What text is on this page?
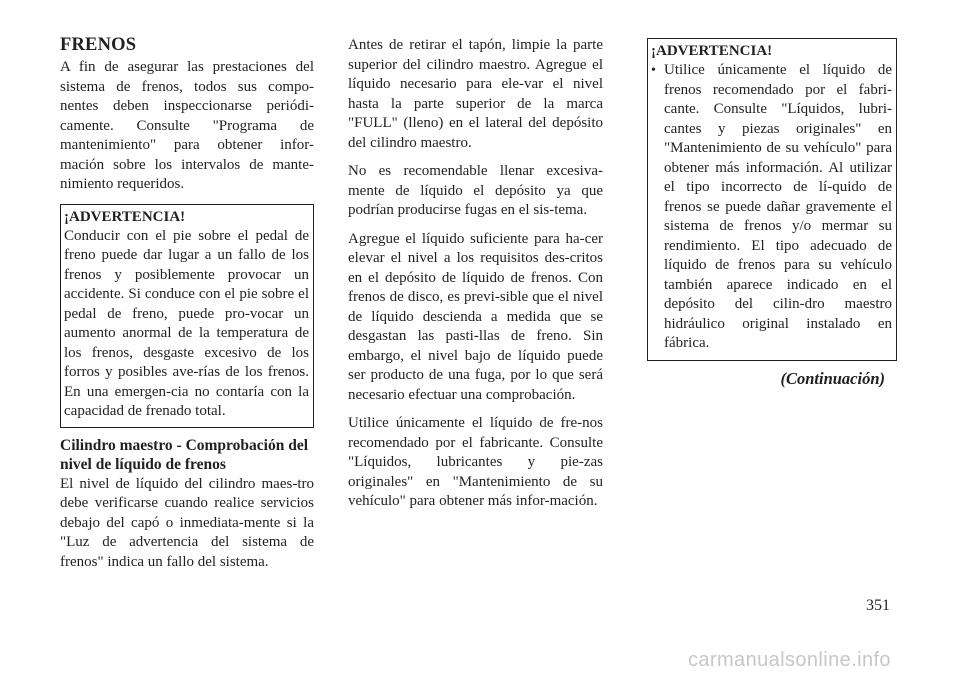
FRENOS

A fin de asegurar las prestaciones del sistema de frenos, todos sus compo-nentes deben inspeccionarse periódi-camente. Consulte "Programa de mantenimiento" para obtener infor-mación sobre los intervalos de mante-nimiento requeridos.

¡ADVERTENCIA!

Conducir con el pie sobre el pedal de freno puede dar lugar a un fallo de los frenos y posiblemente provocar un accidente. Si conduce con el pie sobre el pedal de freno, puede pro-vocar un aumento anormal de la temperatura de los frenos, desgaste excesivo de los forros y posibles ave-rías de los frenos. En una emergen-cia no contaría con la capacidad de frenado total.

Cilindro maestro - Comprobación del nivel de líquido de frenos

El nivel de líquido del cilindro maes-tro debe verificarse cuando realice servicios debajo del capó o inmediata-mente si la "Luz de advertencia del sistema de frenos" indica un fallo del sistema.

Antes de retirar el tapón, limpie la parte superior del cilindro maestro. Agregue el líquido necesario para ele-var el nivel hasta la parte superior de la marca "FULL" (lleno) en el lateral del depósito del cilindro maestro.

No es recomendable llenar excesiva-mente de líquido el depósito ya que podrían producirse fugas en el sis-tema.

Agregue el líquido suficiente para ha-cer elevar el nivel a los requisitos des-critos en el depósito de líquido de frenos. Con frenos de disco, es previ-sible que el nivel de líquido descienda a medida que se desgastan las pasti-llas de freno. Sin embargo, el nivel bajo de líquido puede ser producto de una fuga, por lo que será necesario efectuar una comprobación.

Utilice únicamente el líquido de fre-nos recomendado por el fabricante. Consulte "Líquidos, lubricantes y pie-zas originales" en "Mantenimiento de su vehículo" para obtener más infor-mación.

¡ADVERTENCIA!
• Utilice únicamente el líquido de frenos recomendado por el fabri-cante. Consulte "Líquidos, lubri-cantes y piezas originales" en "Mantenimiento de su vehículo" para obtener más información. Al utilizar el tipo incorrecto de lí-quido de frenos se puede dañar gravemente el sistema de frenos y/o mermar su rendimiento. El tipo adecuado de líquido de frenos para su vehículo también aparece indicado en el depósito del cilin-dro maestro hidráulico original instalado en fábrica.
(Continuación)
351
carmanualsonline.info
